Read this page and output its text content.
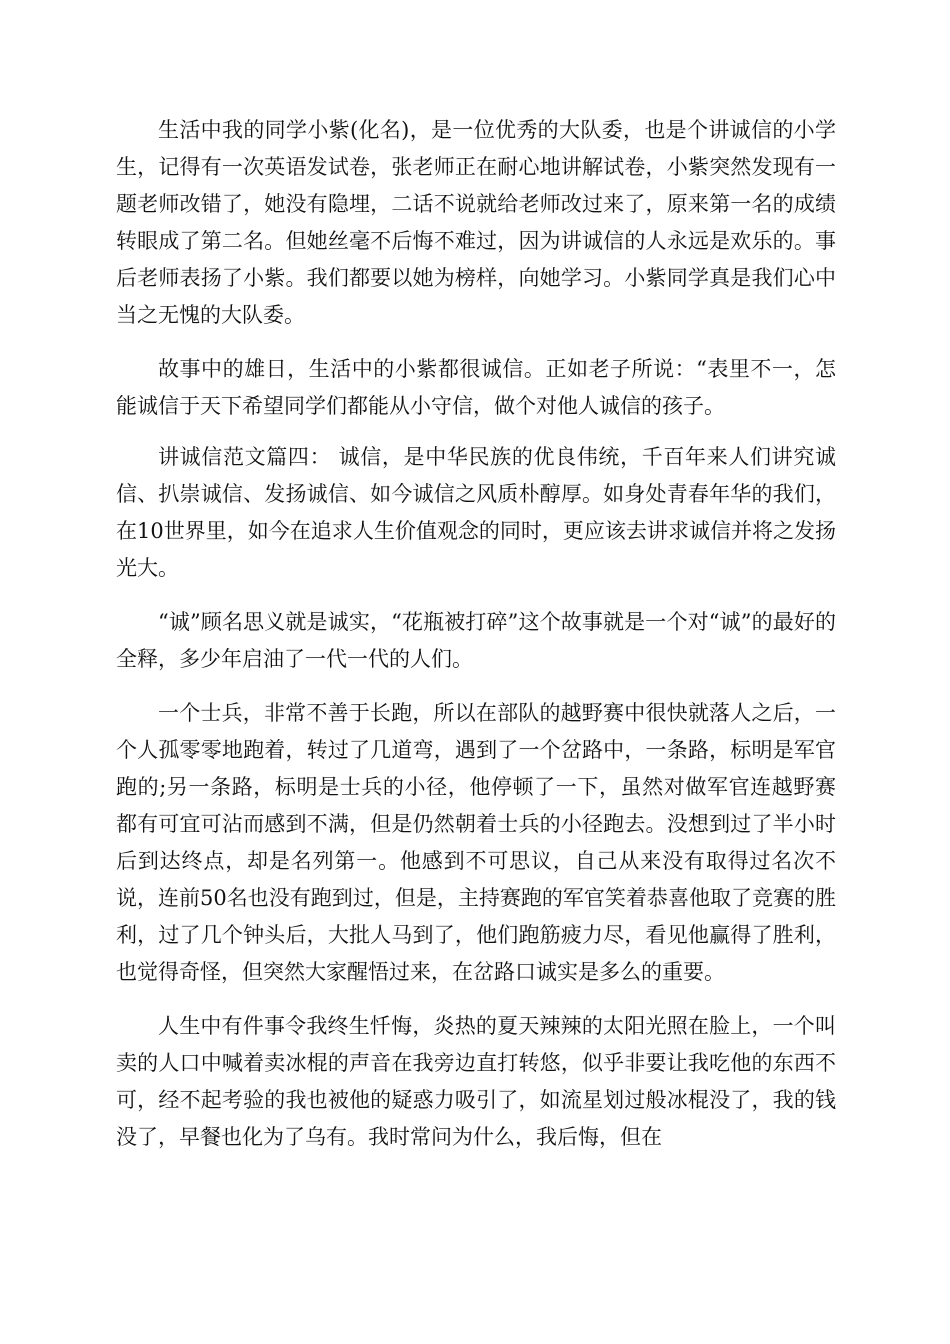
生活中我的同学小紫(化名)，是一位优秀的大队委，也是个讲诚信的小学生，记得有一次英语发试卷，张老师正在耐心地讲解试卷，小紫突然发现有一题老师改错了，她没有隐埋，二话不说就给老师改过来了，原来第一名的成绩转眼成了第二名。但她丝毫不后悔不难过，因为讲诚信的人永远是欢乐的。事后老师表扬了小紫。我们都要以她为榜样，向她学习。小紫同学真是我们心中当之无愧的大队委。

故事中的雄日，生活中的小紫都很诚信。正如老子所说：“表里不一，怎能诚信于天下希望同学们都能从小守信，做个对他人诚信的孩子。

讲诚信范文篇四： 诚信，是中华民族的优良伟统，千百年来人们讲究诚信、扒崇诚信、发扬诚信、如今诚信之风质朴醇厚。如身处青春年华的我们，在10世界里，如今在追求人生价值观念的同时，更应该去讲求诚信并将之发扬光大。

“诚”顾名思义就是诚实，“花瓶被打碎”这个故事就是一个对“诚”的最好的全释，多少年启油了一代一代的人们。

一个士兵，非常不善于长跑，所以在部队的越野赛中很快就落人之后，一个人孤零零地跑着，转过了几道弯，遇到了一个岔路中，一条路，标明是军官跑的;另一条路，标明是士兵的小径，他停顿了一下，虽然对做军官连越野赛都有可宜可沾而感到不满，但是仍然朝着士兵的小径跑去。没想到过了半小时后到达终点，却是名列第一。他感到不可思议，自己从来没有取得过名次不说，连前50名也没有跑到过，但是，主持赛跑的军官笑着恭喜他取了竞赛的胜利，过了几个钟头后，大批人马到了，他们跑筋疲力尽，看见他赢得了胜利，也觉得奇怪，但突然大家醒悟过来，在岔路口诚实是多么的重要。

人生中有件事令我终生忏悔，炎热的夏天辣辣的太阳光照在脸上，一个叫卖的人口中喊着卖冰棍的声音在我旁边直打转悠，似乎非要让我吃他的东西不可，经不起考验的我也被他的疑惑力吸引了，如流星划过般冰棍没了，我的钱没了，早餐也化为了乌有。我时常问为什么，我后悔，但在
